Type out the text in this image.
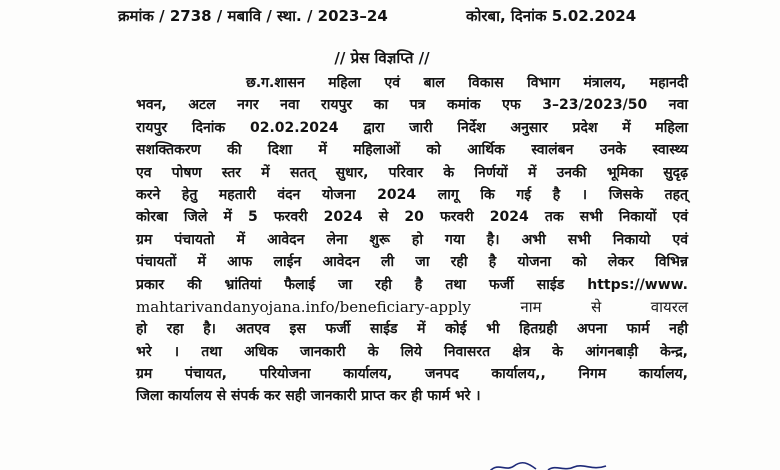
क्रमांक / 2738 / मबावि / स्था. / 2023–24	कोरबा, दिनांक 5.02.2024
// प्रेस विज्ञप्ति //
छ.ग.शासन महिला एवं बाल विकास विभाग मंत्रालय, महानदी
भवन, अटल नगर नवा रायपुर का पत्र कमांक एफ 3–23/2023/50 नवा
रायपुर दिनांक 02.02.2024 द्वारा जारी निर्देश अनुसार प्रदेश में महिला
सशक्तिकरण की दिशा में महिलाओं को आर्थिक स्वालंबन उनके स्वास्थ्य
एव पोषण स्तर में सतत् सुधार, परिवार के निर्णयों में उनकी भूमिका सुदृढ़
करने हेतु महतारी वंदन योजना 2024 लागू कि गई है । जिसके तहत्
कोरबा जिले में 5 फरवरी 2024 से 20 फरवरी 2024 तक सभी निकायों एवं
ग्रम पंचायतो में आवेदन लेना शुरू हो गया है। अभी सभी निकायो एवं
पंचायतों में आफ लाईन आवेदन ली जा रही है योजना को लेकर विभिन्न
प्रकार की भ्रांतियां फैलाई जा रही है तथा फर्जी साईड https://www.
mahtarivandanyojana.info/beneficiary-apply नाम से वायरल
हो रहा है। अतएव इस फर्जी साईड में कोई भी हितग्रही अपना फार्म नही
भरे । तथा अधिक जानकारी के लिये निवासरत क्षेत्र के आंगनबाड़ी केन्द्र,
ग्रम पंचायत, परियोजना कार्यालय, जनपद कार्यालय,, निगम कार्यालय,
जिला कार्यालय से संपर्क कर सही जानकारी प्राप्त कर ही फार्म भरे ।
